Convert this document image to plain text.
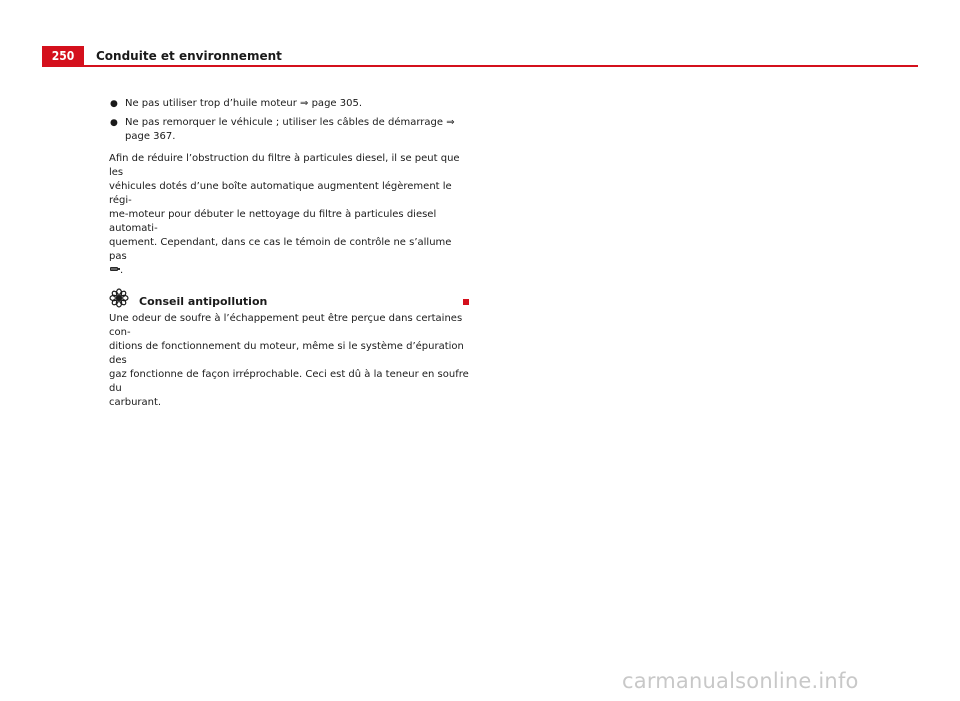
250	Conduite et environnement
● Ne pas utiliser trop d’huile moteur ⇒ page 305.
● Ne pas remorquer le véhicule ; utiliser les câbles de démarrage ⇒ page 367.
Afin de réduire l’obstruction du filtre à particules diesel, il se peut que les
véhicules dotés d’une boîte automatique augmentent légèrement le régi-
me-moteur pour débuter le nettoyage du filtre à particules diesel automati-
quement. Cependant, dans ce cas le témoin de contrôle ne s’allume pas
.
Conseil antipollution
Une odeur de soufre à l’échappement peut être perçue dans certaines con-
ditions de fonctionnement du moteur, même si le système d’épuration des
gaz fonctionne de façon irréprochable. Ceci est dû à la teneur en soufre du
carburant.
carmanualsonline.info
